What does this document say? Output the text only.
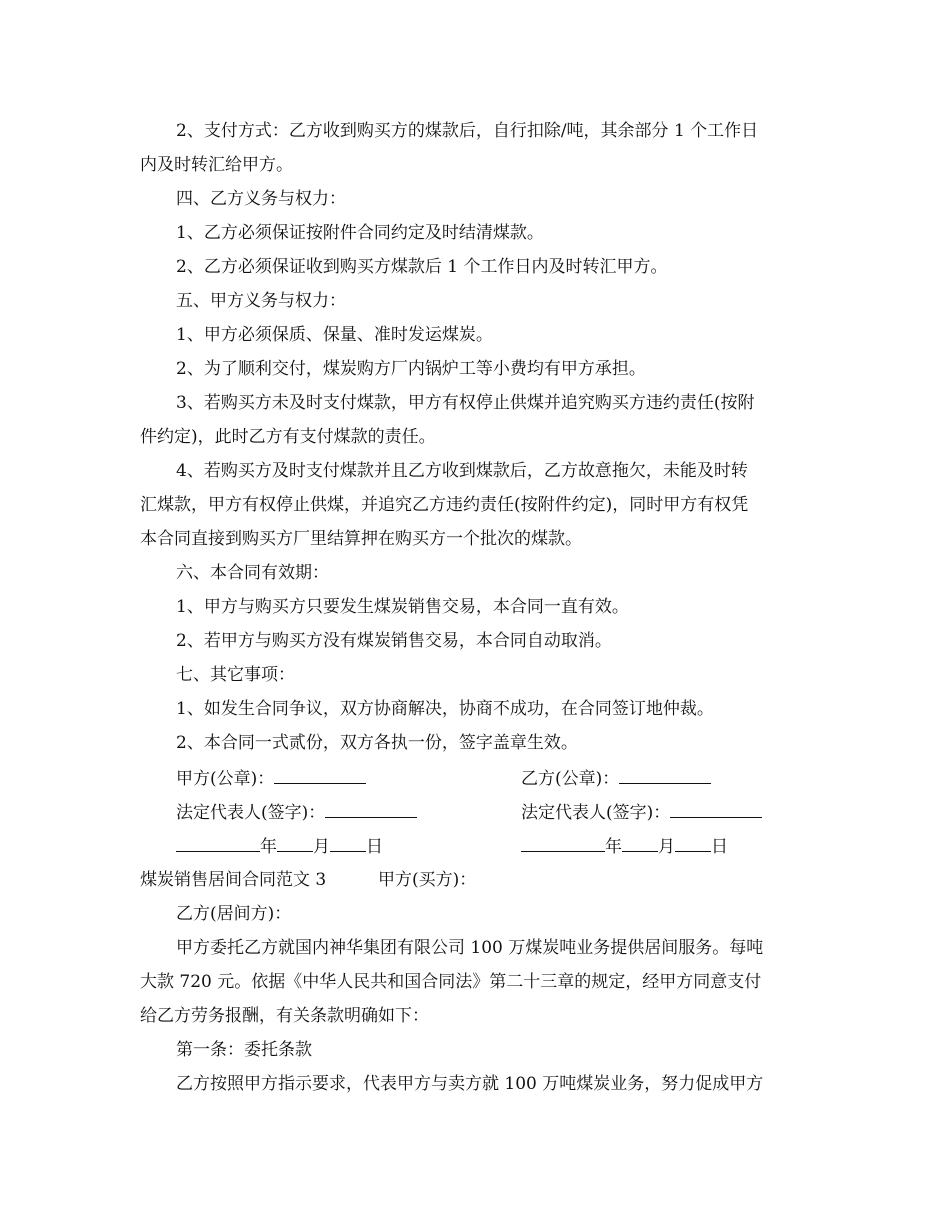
2、支付方式：乙方收到购买方的煤款后，自行扣除/吨，其余部分 1 个工作日
内及时转汇给甲方。
四、乙方义务与权力：
1、乙方必须保证按附件合同约定及时结清煤款。
2、乙方必须保证收到购买方煤款后 1 个工作日内及时转汇甲方。
五、甲方义务与权力：
1、甲方必须保质、保量、准时发运煤炭。
2、为了顺利交付，煤炭购方厂内锅炉工等小费均有甲方承担。
3、若购买方未及时支付煤款，甲方有权停止供煤并追究购买方违约责任(按附
件约定)，此时乙方有支付煤款的责任。
4、若购买方及时支付煤款并且乙方收到煤款后，乙方故意拖欠，未能及时转
汇煤款，甲方有权停止供煤，并追究乙方违约责任(按附件约定)，同时甲方有权凭
本合同直接到购买方厂里结算押在购买方一个批次的煤款。
六、本合同有效期：
1、甲方与购买方只要发生煤炭销售交易，本合同一直有效。
2、若甲方与购买方没有煤炭销售交易，本合同自动取消。
七、其它事项：
1、如发生合同争议，双方协商解决，协商不成功，在合同签订地仲裁。
2、本合同一式贰份，双方各执一份，签字盖章生效。
甲方(公章)：	乙方(公章)：
法定代表人(签字)：	法定代表人(签字)：
年 月 日	年 月 日
煤炭销售居间合同范文 3	甲方(买方)：
乙方(居间方)：
甲方委托乙方就国内神华集团有限公司 100 万煤炭吨业务提供居间服务。每吨
大款 720 元。依据《中华人民共和国合同法》第二十三章的规定，经甲方同意支付
给乙方劳务报酬，有关条款明确如下：
第一条：委托条款
乙方按照甲方指示要求，代表甲方与卖方就 100 万吨煤炭业务，努力促成甲方
